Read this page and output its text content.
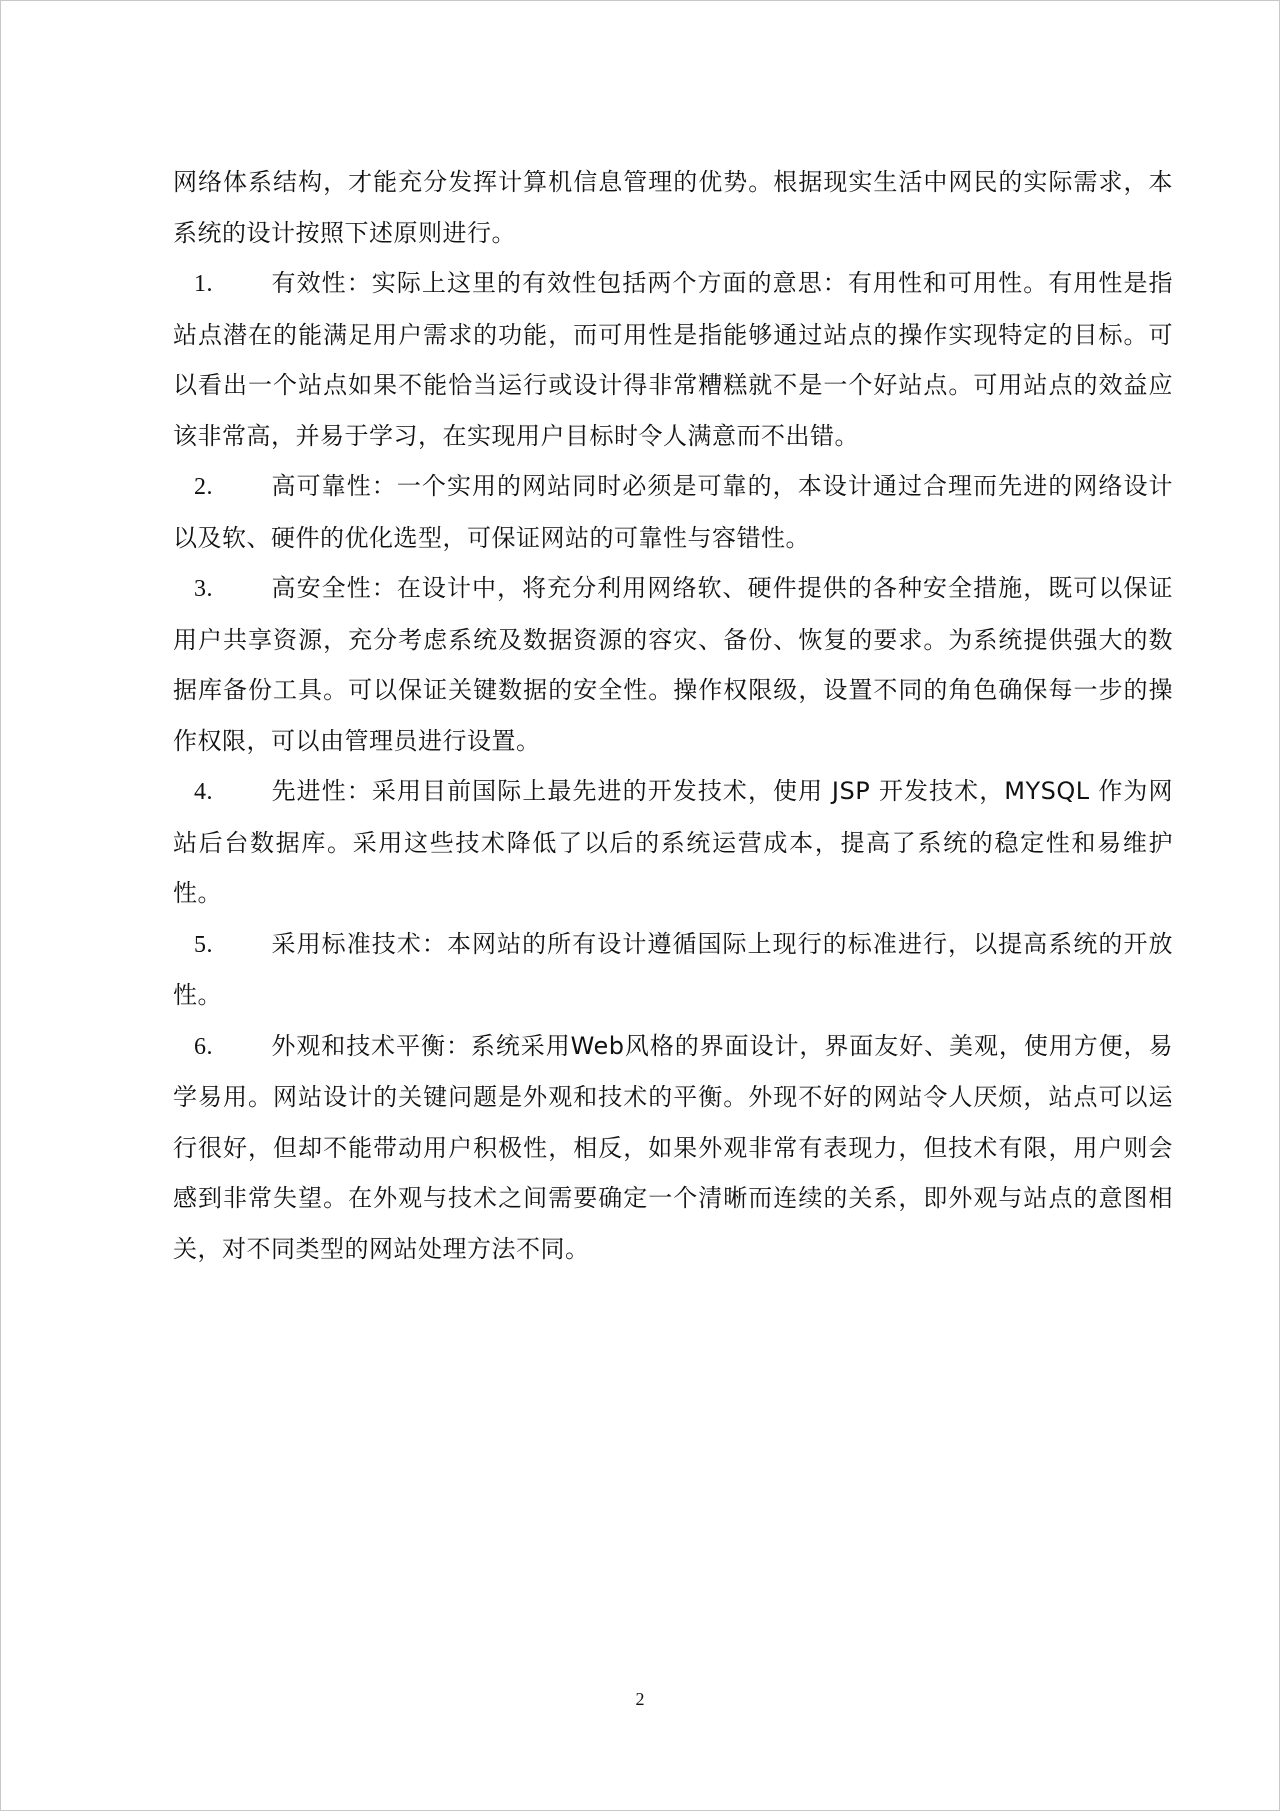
网络体系结构，才能充分发挥计算机信息管理的优势。根据现实生活中网民的实际需求，本系统的设计按照下述原则进行。

1. 有效性：实际上这里的有效性包括两个方面的意思：有用性和可用性。有用性是指站点潜在的能满足用户需求的功能，而可用性是指能够通过站点的操作实现特定的目标。可以看出一个站点如果不能恰当运行或设计得非常糟糕就不是一个好站点。可用站点的效益应该非常高，并易于学习，在实现用户目标时令人满意而不出错。

2. 高可靠性：一个实用的网站同时必须是可靠的，本设计通过合理而先进的网络设计以及软、硬件的优化选型，可保证网站的可靠性与容错性。

3. 高安全性：在设计中，将充分利用网络软、硬件提供的各种安全措施，既可以保证用户共享资源，充分考虑系统及数据资源的容灾、备份、恢复的要求。为系统提供强大的数据库备份工具。可以保证关键数据的安全性。操作权限级，设置不同的角色确保每一步的操作权限，可以由管理员进行设置。

4. 先进性：采用目前国际上最先进的开发技术，使用 JSP 开发技术，MYSQL 作为网站后台数据库。采用这些技术降低了以后的系统运营成本，提高了系统的稳定性和易维护性。

5. 采用标准技术：本网站的所有设计遵循国际上现行的标准进行，以提高系统的开放性。

6. 外观和技术平衡：系统采用Web风格的界面设计，界面友好、美观，使用方便，易学易用。网站设计的关键问题是外观和技术的平衡。外现不好的网站令人厌烦，站点可以运行很好，但却不能带动用户积极性，相反，如果外观非常有表现力，但技术有限，用户则会感到非常失望。在外观与技术之间需要确定一个清晰而连续的关系，即外观与站点的意图相关，对不同类型的网站处理方法不同。

2
